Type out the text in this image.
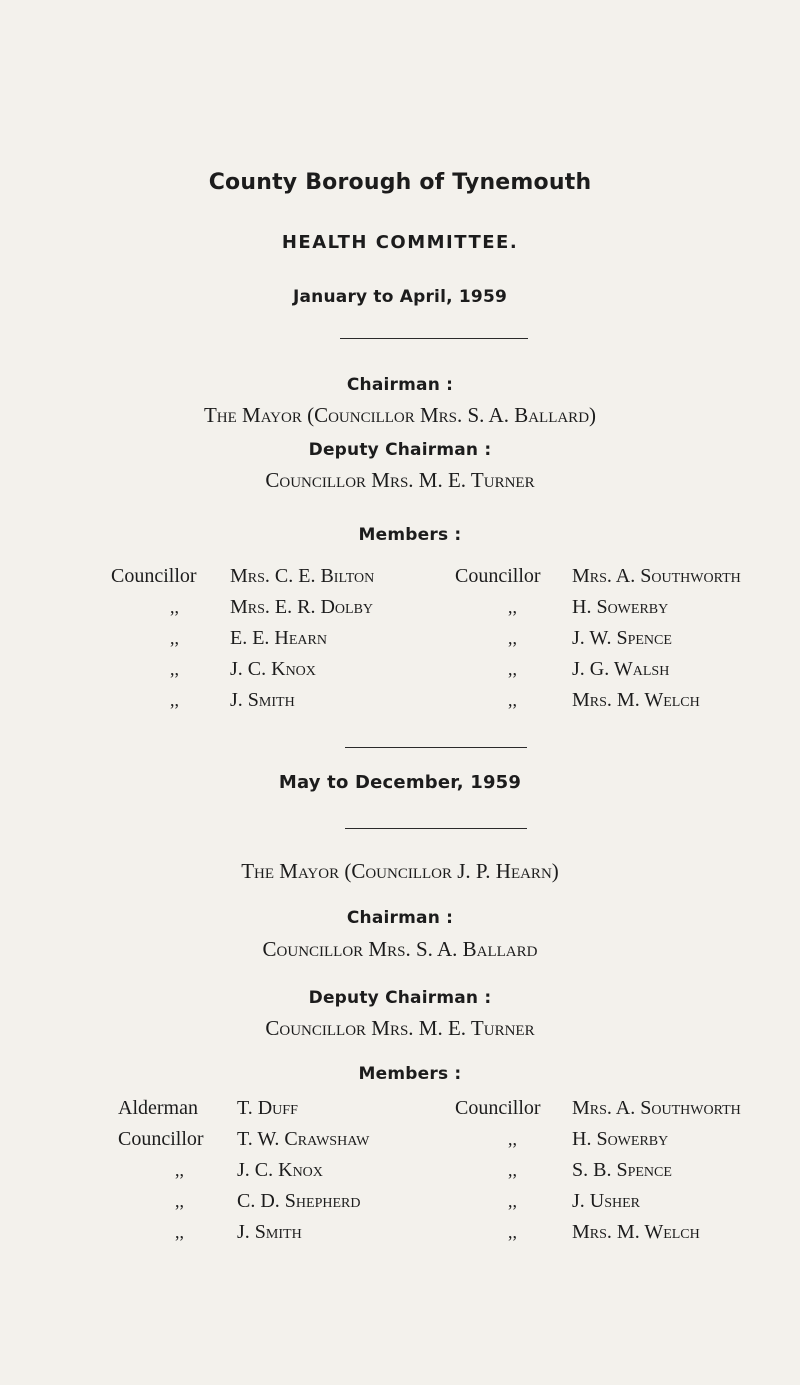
County Borough of Tynemouth
HEALTH COMMITTEE.
January to April, 1959
Chairman :
The Mayor (Councillor Mrs. S. A. Ballard)
Deputy Chairman :
Councillor Mrs. M. E. Turner
Members :
Councillor
,,
,,
,,
,,
Mrs. C. E. Bilton
Mrs. E. R. Dolby
E. E. Hearn
J. C. Knox
J. Smith
Councillor
,,
,,
,,
,,
Mrs. A. Southworth
H. Sowerby
J. W. Spence
J. G. Walsh
Mrs. M. Welch
May to December, 1959
The Mayor (Councillor J. P. Hearn)
Chairman :
Councillor Mrs. S. A. Ballard
Deputy Chairman :
Councillor Mrs. M. E. Turner
Members :
Alderman
Councillor
,,
,,
,,
T. Duff
T. W. Crawshaw
J. C. Knox
C. D. Shepherd
J. Smith
Councillor
,,
,,
,,
,,
Mrs. A. Southworth
H. Sowerby
S. B. Spence
J. Usher
Mrs. M. Welch
